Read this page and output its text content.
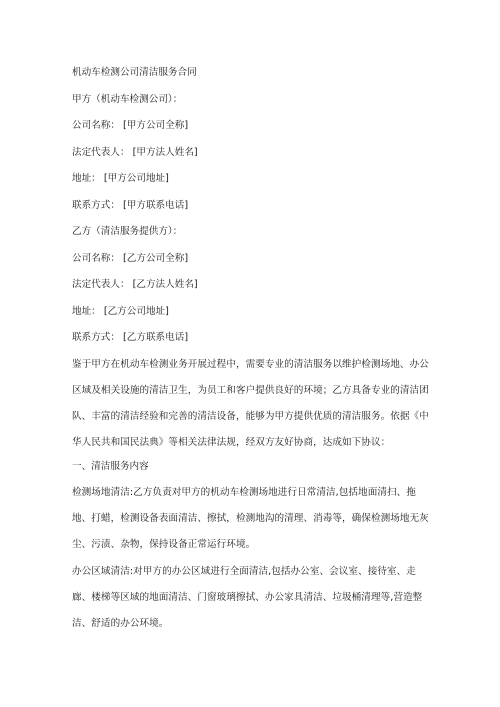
机动车检测公司清洁服务合同

甲方（机动车检测公司）：

公司名称： [甲方公司全称]

法定代表人： [甲方法人姓名]

地址： [甲方公司地址]

联系方式： [甲方联系电话]

乙方（清洁服务提供方）：

公司名称： [乙方公司全称]

法定代表人： [乙方法人姓名]

地址： [乙方公司地址]

联系方式： [乙方联系电话]

鉴于甲方在机动车检测业务开展过程中，需要专业的清洁服务以维护检测场地、办公区域及相关设施的清洁卫生，为员工和客户提供良好的环境；乙方具备专业的清洁团队、丰富的清洁经验和完善的清洁设备，能够为甲方提供优质的清洁服务。依据《中华人民共和国民法典》等相关法律法规，经双方友好协商，达成如下协议：

一、清洁服务内容

检测场地清洁:乙方负责对甲方的机动车检测场地进行日常清洁,包括地面清扫、拖地、打蜡，检测设备表面清洁、擦拭，检测地沟的清理、消毒等，确保检测场地无灰尘、污渍、杂物，保持设备正常运行环境。

办公区域清洁:对甲方的办公区域进行全面清洁,包括办公室、会议室、接待室、走廊、楼梯等区域的地面清洁、门窗玻璃擦拭、办公家具清洁、垃圾桶清理等,营造整洁、舒适的办公环境。
